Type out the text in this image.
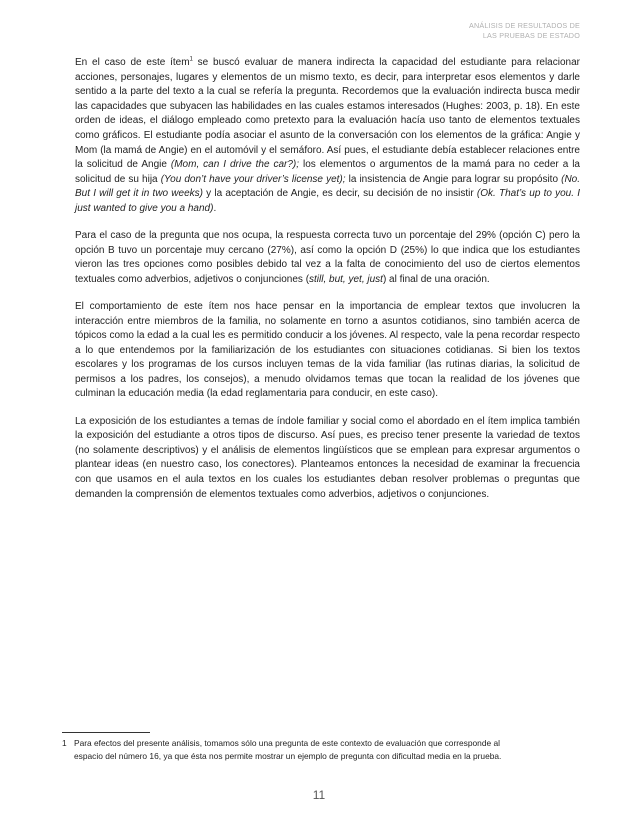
ANÁLISIS DE RESULTADOS DE
LAS PRUEBAS DE ESTADO

En el caso de este ítem$^1$ se buscó evaluar de manera indirecta la capacidad del estudiante para relacionar acciones, personajes, lugares y elementos de un mismo texto, es decir, para interpretar esos elementos y darle sentido a la parte del texto a la cual se refería la pregunta. Recordemos que la evaluación indirecta busca medir las capacidades que subyacen las habilidades en las cuales estamos interesados (Hughes: 2003, p. 18). En este orden de ideas, el diálogo empleado como pretexto para la evaluación hacía uso tanto de elementos textuales como gráficos. El estudiante podía asociar el asunto de la conversación con los elementos de la gráfica: Angie y Mom (la mamá de Angie) en el automóvil y el semáforo. Así pues, el estudiante debía establecer relaciones entre la solicitud de Angie (Mom, can I drive the car?); los elementos o argumentos de la mamá para no ceder a la solicitud de su hija (You don’t have your driver’s license yet); la insistencia de Angie para lograr su propósito (No. But I will get it in two weeks) y la aceptación de Angie, es decir, su decisión de no insistir (Ok. That’s up to you. I just wanted to give you a hand).

Para el caso de la pregunta que nos ocupa, la respuesta correcta tuvo un porcentaje del 29% (opción C) pero la opción B tuvo un porcentaje muy cercano (27%), así como la opción D (25%) lo que indica que los estudiantes vieron las tres opciones como posibles debido tal vez a la falta de conocimiento del uso de ciertos elementos textuales como adverbios, adjetivos o conjunciones (still, but, yet, just) al final de una oración.

El comportamiento de este ítem nos hace pensar en la importancia de emplear textos que involucren la interacción entre miembros de la familia, no solamente en torno a asuntos cotidianos, sino también acerca de tópicos como la edad a la cual les es permitido conducir a los jóvenes. Al respecto, vale la pena recordar respecto a lo que entendemos por la familiarización de los estudiantes con situaciones cotidianas. Si bien los textos escolares y los programas de los cursos incluyen temas de la vida familiar (las rutinas diarias, la solicitud de permisos a los padres, los consejos), a menudo olvidamos temas que tocan la realidad de los jóvenes que culminan la educación media (la edad reglamentaria para conducir, en este caso).

La exposición de los estudiantes a temas de índole familiar y social como el abordado en el ítem implica también la exposición del estudiante a otros tipos de discurso. Así pues, es preciso tener presente la variedad de textos (no solamente descriptivos) y el análisis de elementos lingüísticos que se emplean para expresar argumentos o plantear ideas (en nuestro caso, los conectores). Planteamos entonces la necesidad de examinar la frecuencia con que usamos en el aula textos en los cuales los estudiantes deban resolver problemas o preguntas que demanden la comprensión de elementos textuales como adverbios, adjetivos o conjunciones.

1 Para efectos del presente análisis, tomamos sólo una pregunta de este contexto de evaluación que corresponde al
espacio del número 16, ya que ésta nos permite mostrar un ejemplo de pregunta con dificultad media en la prueba.
11
